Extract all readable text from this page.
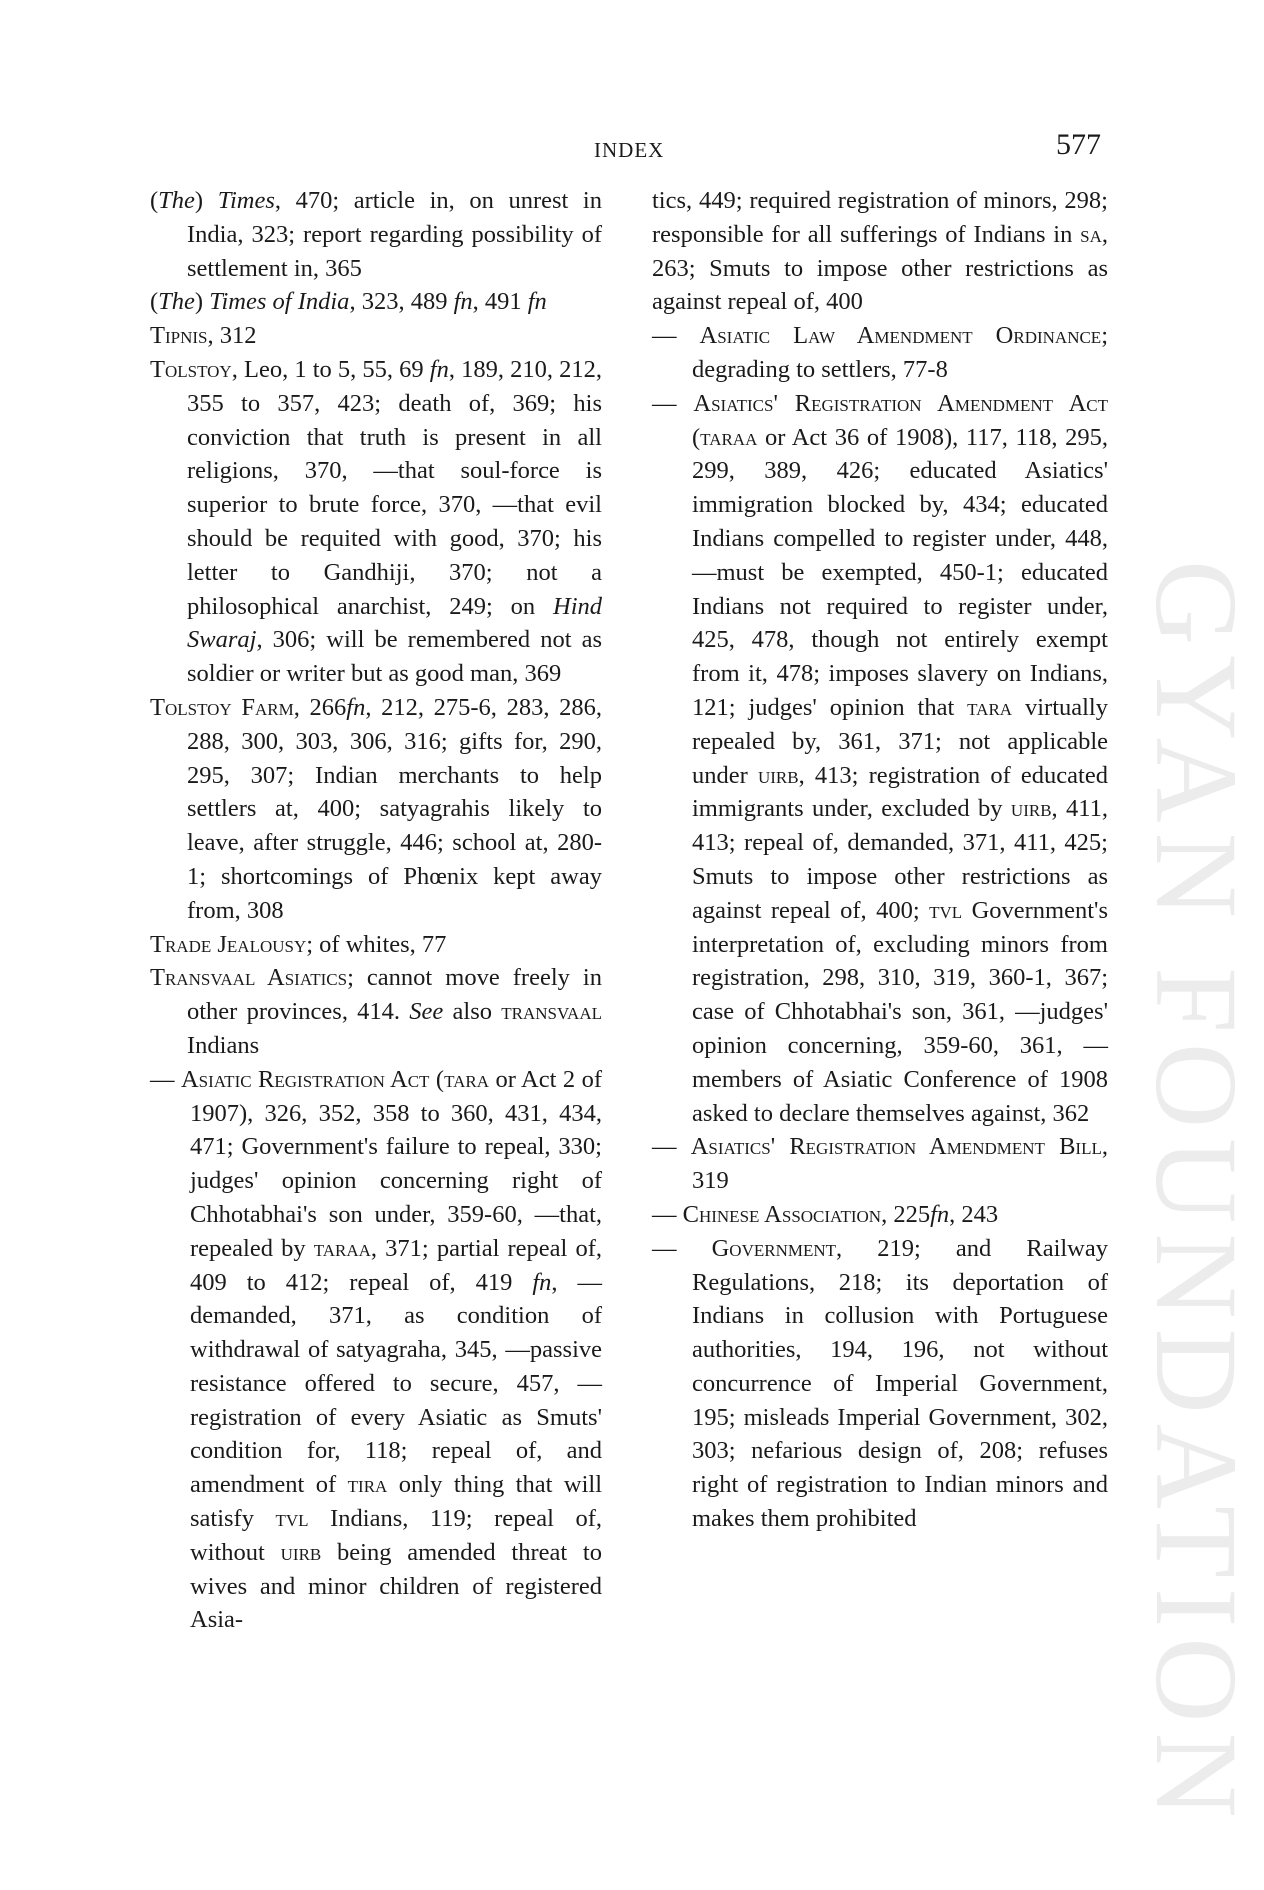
INDEX	577
GYAN FOUNDATION

(The) Times, 470; article in, on unrest in India, 323; report regarding possibility of settlement in, 365

(The) Times of India, 323, 489 fn, 491 fn

Tipnis, 312

Tolstoy, Leo, 1 to 5, 55, 69 fn, 189, 210, 212, 355 to 357, 423; death of, 369; his conviction that truth is present in all religions, 370, —that soul-force is superior to brute force, 370, —that evil should be requited with good, 370; his letter to Gandhiji, 370; not a philosophical anarchist, 249; on Hind Swaraj, 306; will be remembered not as soldier or writer but as good man, 369

Tolstoy Farm, 266fn, 212, 275-6, 283, 286, 288, 300, 303, 306, 316; gifts for, 290, 295, 307; Indian merchants to help settlers at, 400; satyagrahis likely to leave, after struggle, 446; school at, 280-1; shortcomings of Phœnix kept away from, 308

Trade Jealousy; of whites, 77

Transvaal Asiatics; cannot move freely in other provinces, 414. See also transvaal Indians

— Asiatic Registration Act (tara or Act 2 of 1907), 326, 352, 358 to 360, 431, 434, 471; Government's failure to repeal, 330; judges' opinion concerning right of Chhotabhai's son under, 359-60, —that, repealed by taraa, 371; partial repeal of, 409 to 412; repeal of, 419 fn, —demanded, 371, as condition of withdrawal of satyagraha, 345, —passive resistance offered to secure, 457, —registration of every Asiatic as Smuts' condition for, 118; repeal of, and amendment of tira only thing that will satisfy tvl Indians, 119; repeal of, without uirb being amended threat to wives and minor children of registered Asia-

tics, 449; required registration of minors, 298; responsible for all sufferings of Indians in sa, 263; Smuts to impose other restrictions as against repeal of, 400

— Asiatic Law Amendment Ordinance; degrading to settlers, 77-8

— Asiatics' Registration Amendment Act (taraa or Act 36 of 1908), 117, 118, 295, 299, 389, 426; educated Asiatics' immigration blocked by, 434; educated Indians compelled to register under, 448, —must be exempted, 450-1; educated Indians not required to register under, 425, 478, though not entirely exempt from it, 478; imposes slavery on Indians, 121; judges' opinion that tara virtually repealed by, 361, 371; not applicable under uirb, 413; registration of educated immigrants under, excluded by uirb, 411, 413; repeal of, demanded, 371, 411, 425; Smuts to impose other restrictions as against repeal of, 400; tvl Government's interpretation of, excluding minors from registration, 298, 310, 319, 360-1, 367; case of Chhotabhai's son, 361, —judges' opinion concerning, 359-60, 361, —members of Asiatic Conference of 1908 asked to declare themselves against, 362

— Asiatics' Registration Amendment Bill, 319

— Chinese Association, 225fn, 243

— Government, 219; and Railway Regulations, 218; its deportation of Indians in collusion with Portuguese authorities, 194, 196, not without concurrence of Imperial Government, 195; misleads Imperial Government, 302, 303; nefarious design of, 208; refuses right of registration to Indian minors and makes them prohibited
